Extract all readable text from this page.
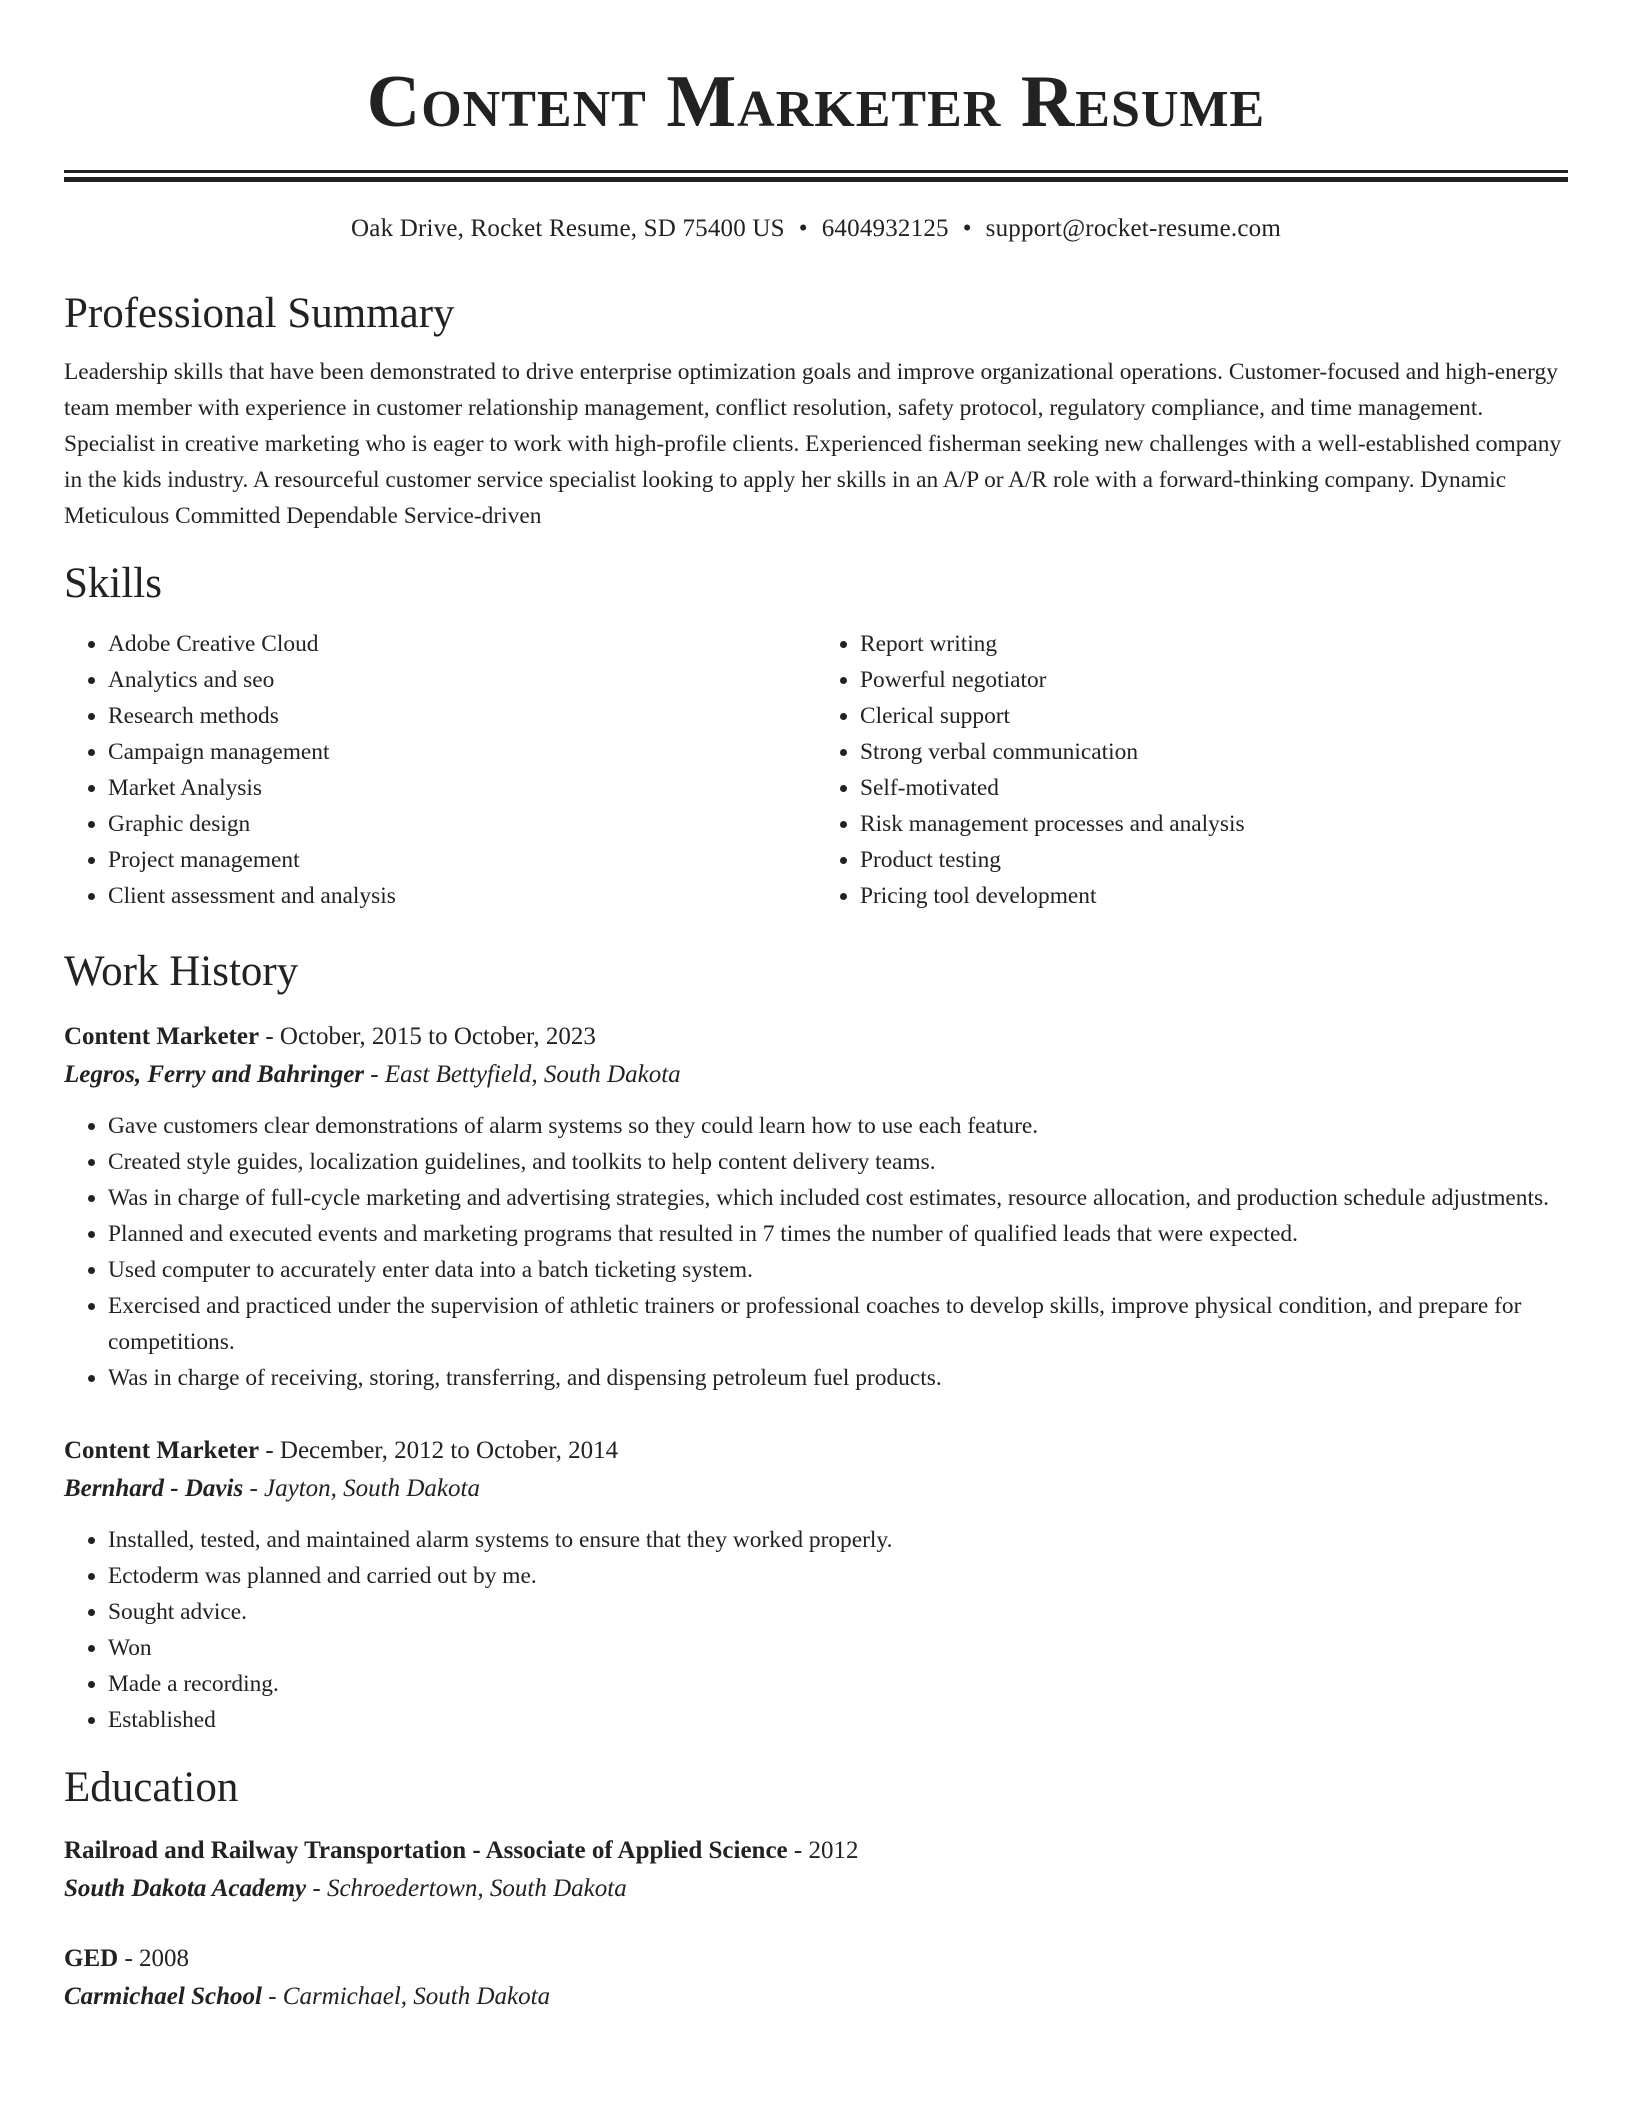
Content Marketer Resume
Oak Drive, Rocket Resume, SD 75400 US • 6404932125 • support@rocket-resume.com
Professional Summary

Leadership skills that have been demonstrated to drive enterprise optimization goals and improve organizational operations. Customer-focused and high-energy team member with experience in customer relationship management, conflict resolution, safety protocol, regulatory compliance, and time management. Specialist in creative marketing who is eager to work with high-profile clients. Experienced fisherman seeking new challenges with a well-established company in the kids industry. A resourceful customer service specialist looking to apply her skills in an A/P or A/R role with a forward-thinking company. Dynamic Meticulous Committed Dependable Service-driven

Skills
• Adobe Creative Cloud
• Analytics and seo
• Research methods
• Campaign management
• Market Analysis
• Graphic design
• Project management
• Client assessment and analysis
• Report writing
• Powerful negotiator
• Clerical support
• Strong verbal communication
• Self-motivated
• Risk management processes and analysis
• Product testing
• Pricing tool development
Work History
Content Marketer - October, 2015 to October, 2023
Legros, Ferry and Bahringer - East Bettyfield, South Dakota
• Gave customers clear demonstrations of alarm systems so they could learn how to use each feature.
• Created style guides, localization guidelines, and toolkits to help content delivery teams.
• Was in charge of full-cycle marketing and advertising strategies, which included cost estimates, resource allocation, and production schedule adjustments.
• Planned and executed events and marketing programs that resulted in 7 times the number of qualified leads that were expected.
• Used computer to accurately enter data into a batch ticketing system.
• Exercised and practiced under the supervision of athletic trainers or professional coaches to develop skills, improve physical condition, and prepare for competitions.
• Was in charge of receiving, storing, transferring, and dispensing petroleum fuel products.
Content Marketer - December, 2012 to October, 2014
Bernhard - Davis - Jayton, South Dakota
• Installed, tested, and maintained alarm systems to ensure that they worked properly.
• Ectoderm was planned and carried out by me.
• Sought advice.
• Won
• Made a recording.
• Established
Education
Railroad and Railway Transportation - Associate of Applied Science - 2012
South Dakota Academy - Schroedertown, South Dakota
GED - 2008
Carmichael School - Carmichael, South Dakota
